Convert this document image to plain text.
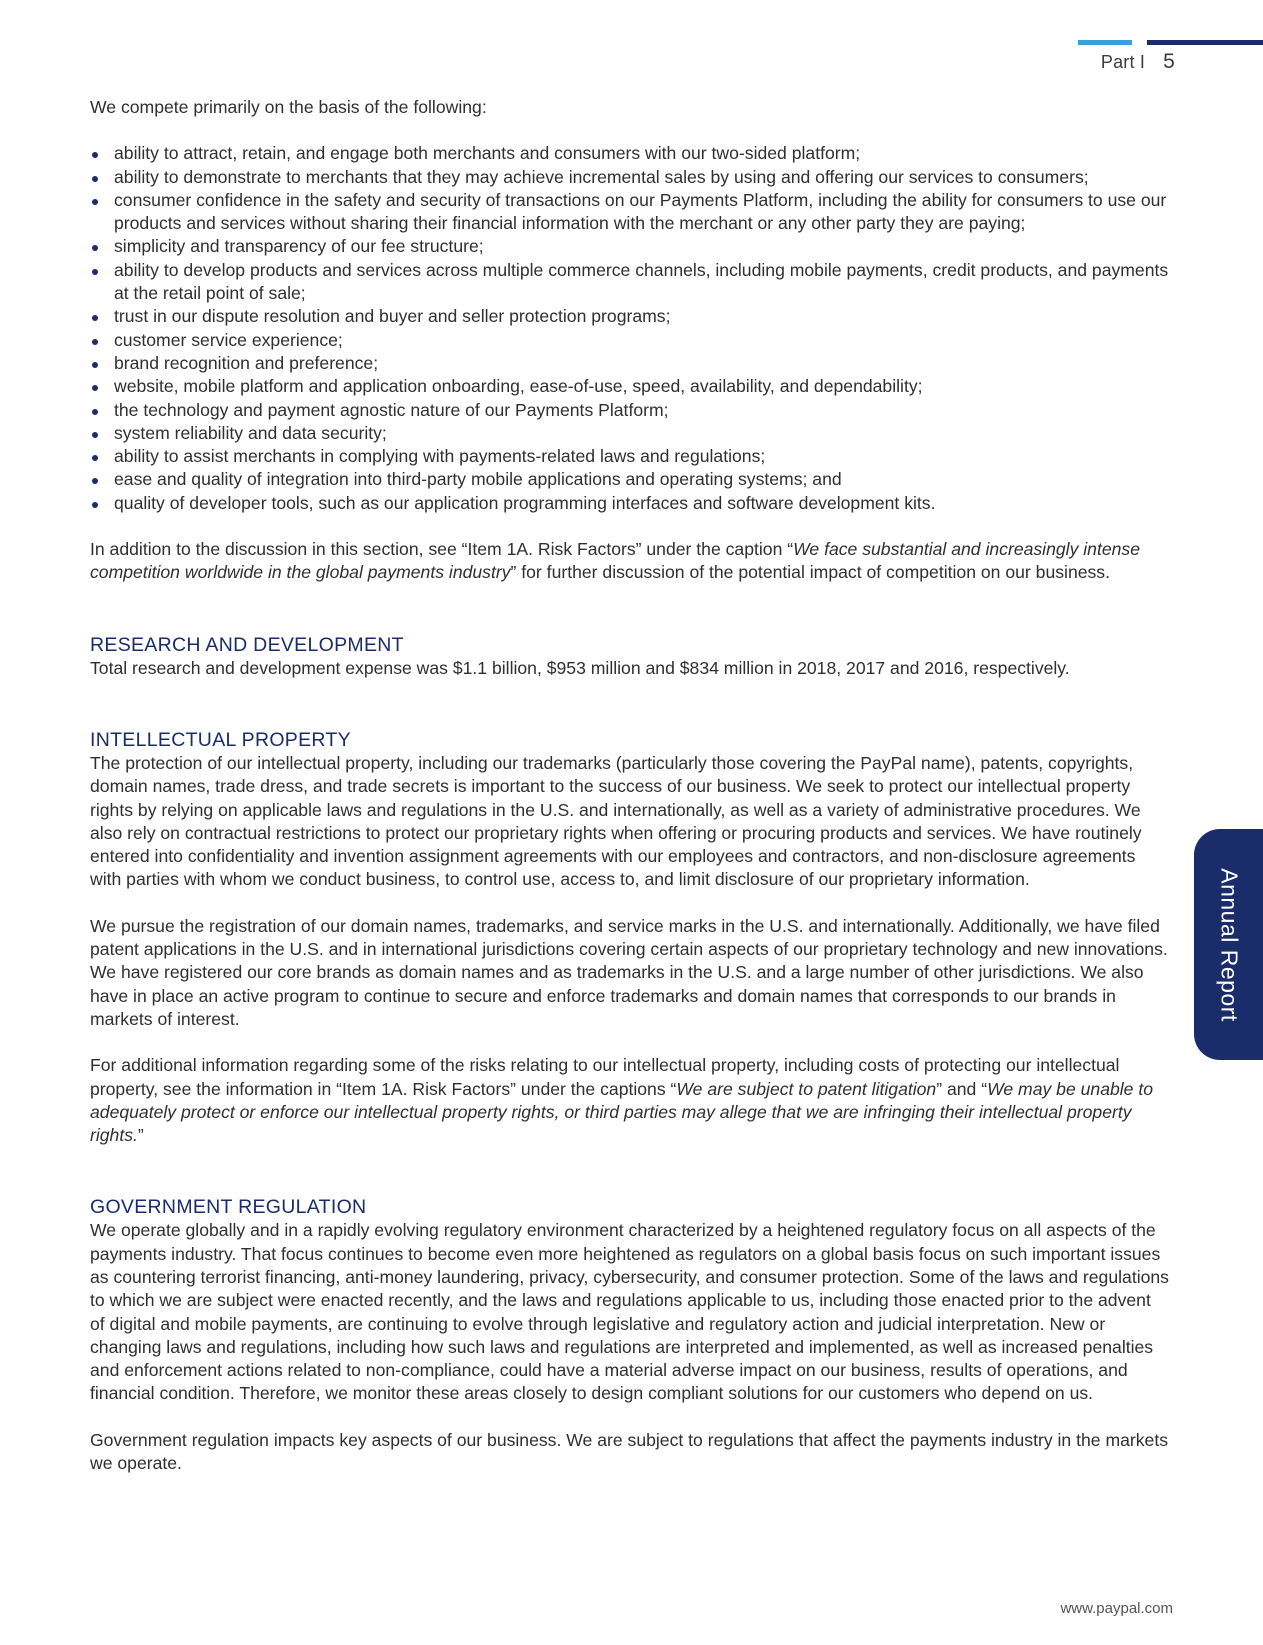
Part I 5

We compete primarily on the basis of the following:

ability to attract, retain, and engage both merchants and consumers with our two-sided platform;
ability to demonstrate to merchants that they may achieve incremental sales by using and offering our services to consumers;
consumer confidence in the safety and security of transactions on our Payments Platform, including the ability for consumers to use our products and services without sharing their financial information with the merchant or any other party they are paying;
simplicity and transparency of our fee structure;
ability to develop products and services across multiple commerce channels, including mobile payments, credit products, and payments at the retail point of sale;
trust in our dispute resolution and buyer and seller protection programs;
customer service experience;
brand recognition and preference;
website, mobile platform and application onboarding, ease-of-use, speed, availability, and dependability;
the technology and payment agnostic nature of our Payments Platform;
system reliability and data security;
ability to assist merchants in complying with payments-related laws and regulations;
ease and quality of integration into third-party mobile applications and operating systems; and
quality of developer tools, such as our application programming interfaces and software development kits.

In addition to the discussion in this section, see “Item 1A. Risk Factors” under the caption “We face substantial and increasingly intense competition worldwide in the global payments industry” for further discussion of the potential impact of competition on our business.

RESEARCH AND DEVELOPMENT

Total research and development expense was $1.1 billion, $953 million and $834 million in 2018, 2017 and 2016, respectively.

INTELLECTUAL PROPERTY

The protection of our intellectual property, including our trademarks (particularly those covering the PayPal name), patents, copyrights, domain names, trade dress, and trade secrets is important to the success of our business. We seek to protect our intellectual property rights by relying on applicable laws and regulations in the U.S. and internationally, as well as a variety of administrative procedures. We also rely on contractual restrictions to protect our proprietary rights when offering or procuring products and services. We have routinely entered into confidentiality and invention assignment agreements with our employees and contractors, and non-disclosure agreements with parties with whom we conduct business, to control use, access to, and limit disclosure of our proprietary information.

We pursue the registration of our domain names, trademarks, and service marks in the U.S. and internationally. Additionally, we have filed patent applications in the U.S. and in international jurisdictions covering certain aspects of our proprietary technology and new innovations. We have registered our core brands as domain names and as trademarks in the U.S. and a large number of other jurisdictions. We also have in place an active program to continue to secure and enforce trademarks and domain names that corresponds to our brands in markets of interest.

For additional information regarding some of the risks relating to our intellectual property, including costs of protecting our intellectual property, see the information in “Item 1A. Risk Factors” under the captions “We are subject to patent litigation” and “We may be unable to adequately protect or enforce our intellectual property rights, or third parties may allege that we are infringing their intellectual property rights.”

GOVERNMENT REGULATION

We operate globally and in a rapidly evolving regulatory environment characterized by a heightened regulatory focus on all aspects of the payments industry. That focus continues to become even more heightened as regulators on a global basis focus on such important issues as countering terrorist financing, anti-money laundering, privacy, cybersecurity, and consumer protection. Some of the laws and regulations to which we are subject were enacted recently, and the laws and regulations applicable to us, including those enacted prior to the advent of digital and mobile payments, are continuing to evolve through legislative and regulatory action and judicial interpretation. New or changing laws and regulations, including how such laws and regulations are interpreted and implemented, as well as increased penalties and enforcement actions related to non-compliance, could have a material adverse impact on our business, results of operations, and financial condition. Therefore, we monitor these areas closely to design compliant solutions for our customers who depend on us.

Government regulation impacts key aspects of our business. We are subject to regulations that affect the payments industry in the markets we operate.

Annual Report
www.paypal.com
